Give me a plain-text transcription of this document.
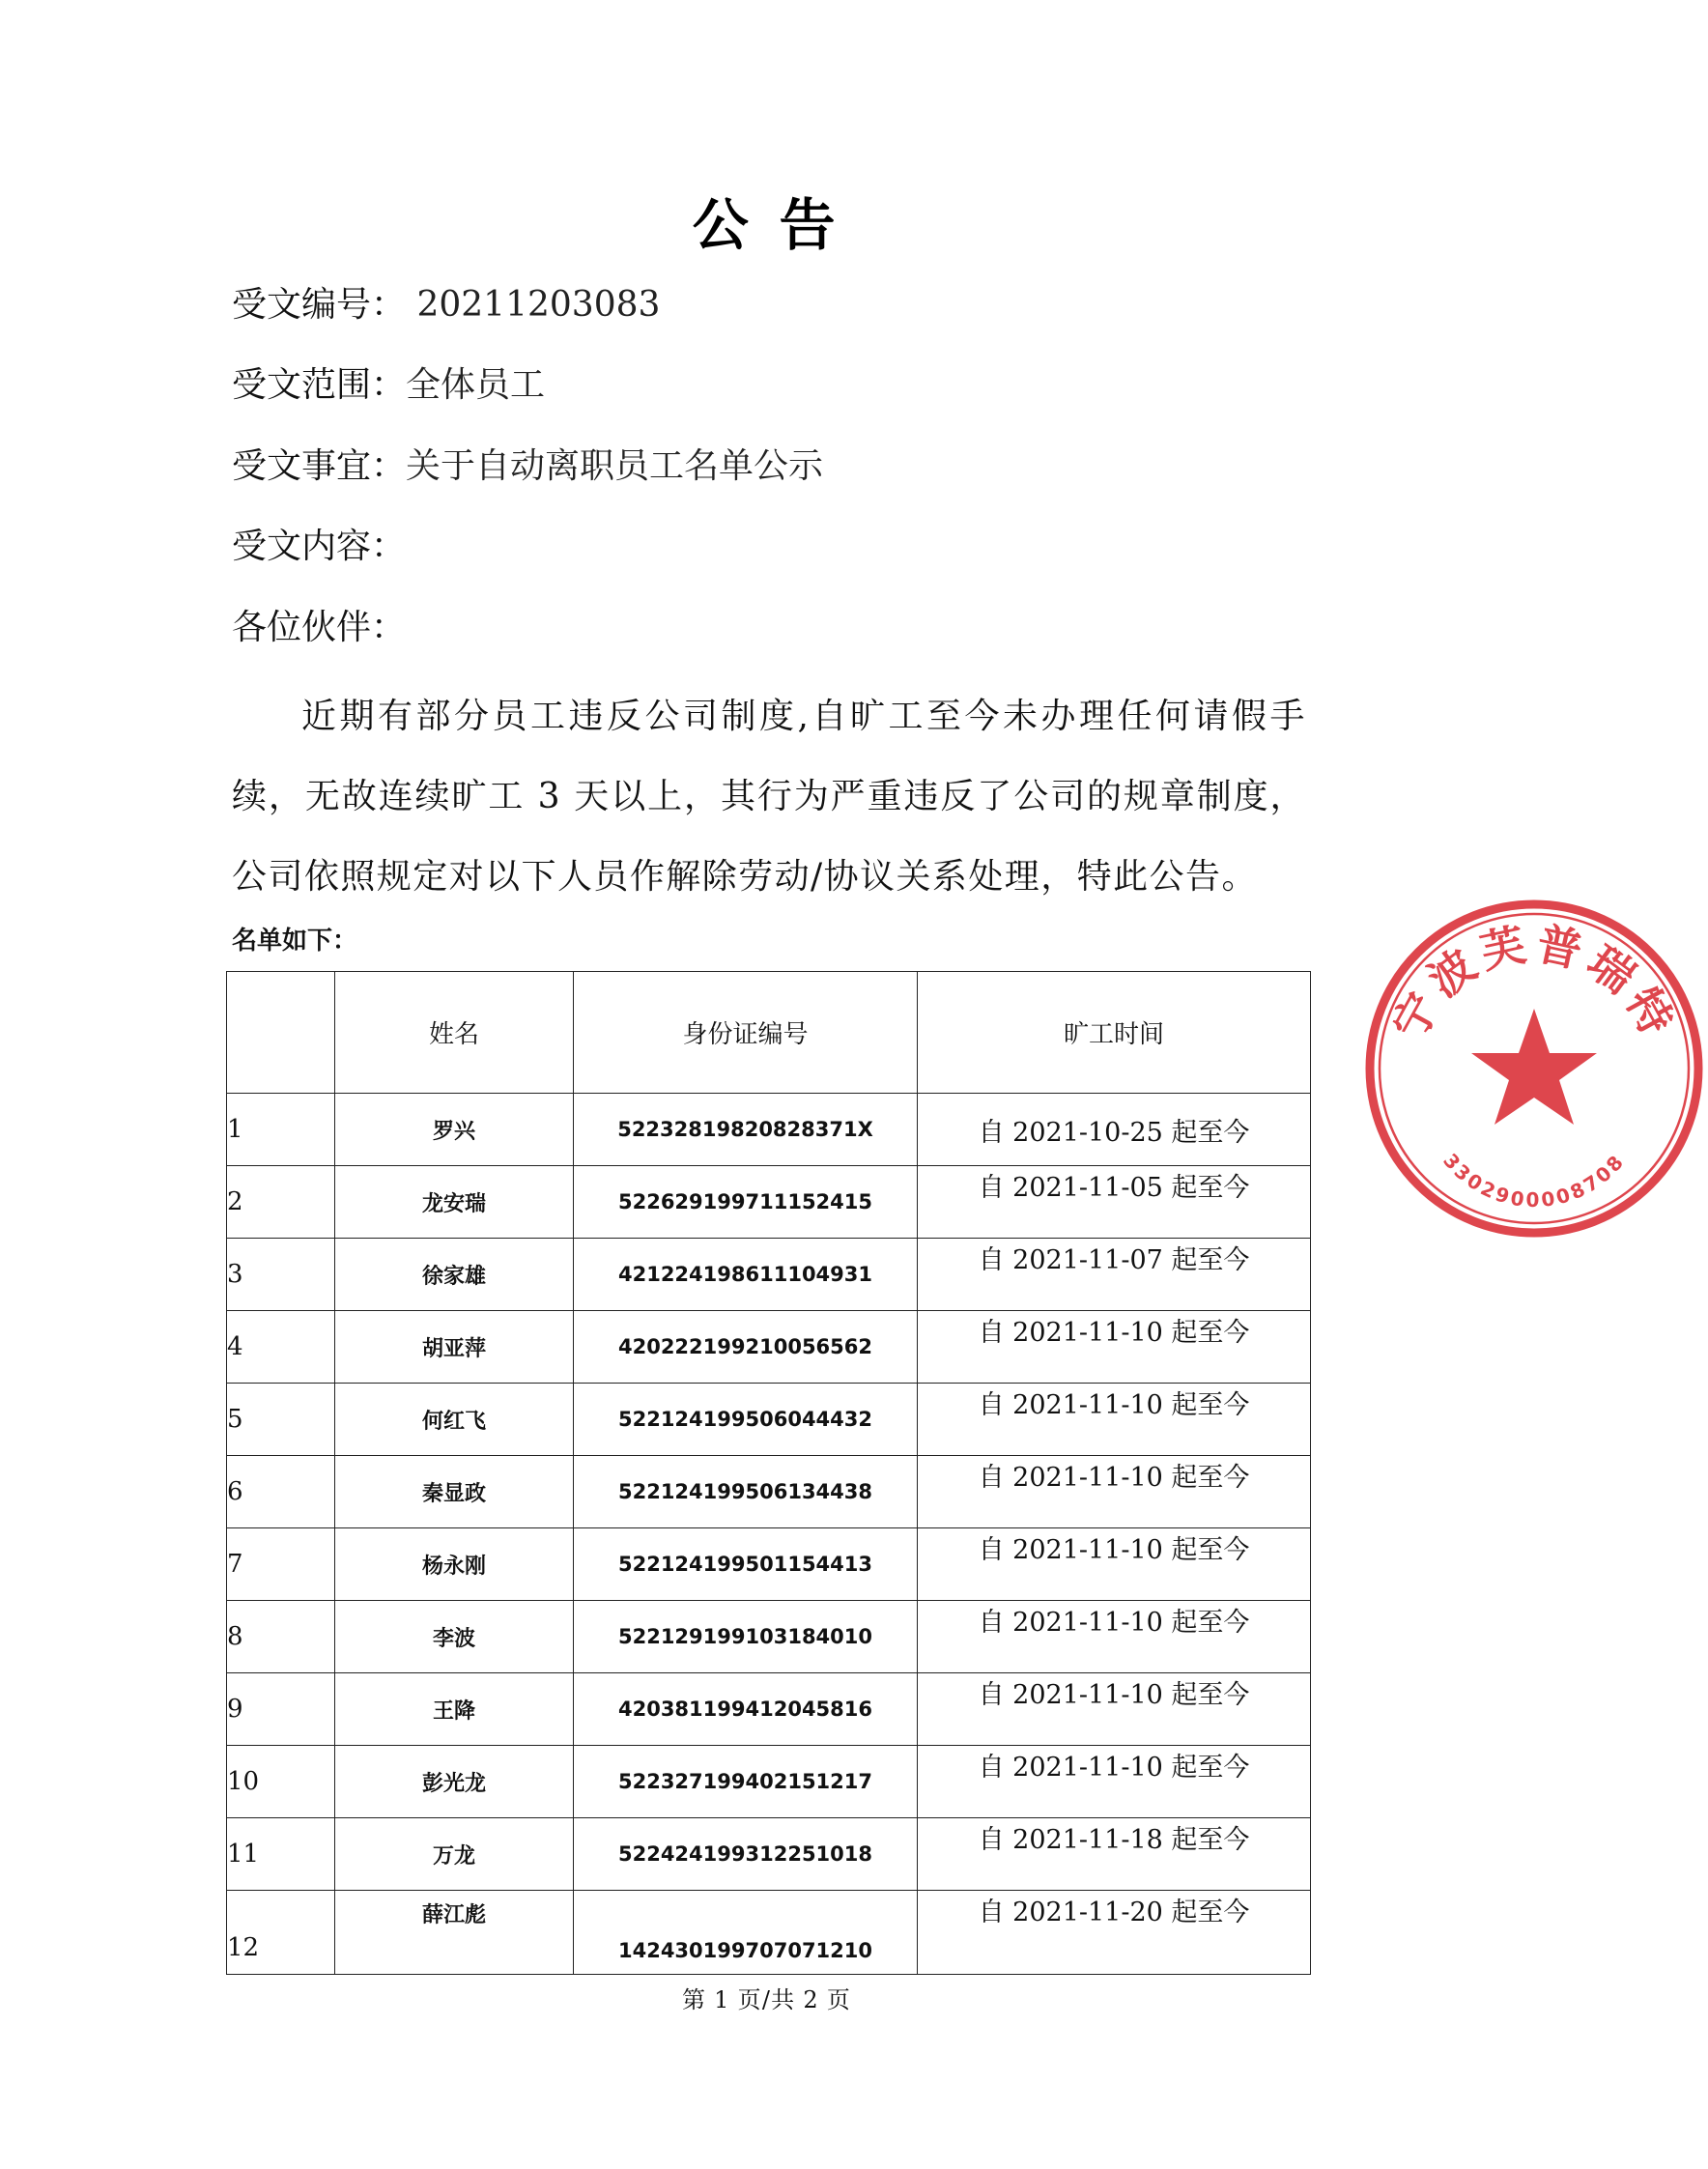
公 告
受文编号： 20211203083
受文范围：全体员工
受文事宜：关于自动离职员工名单公示
受文内容：
各位伙伴：
近期有部分员工违反公司制度,自旷工至今未办理任何请假手续，无故连续旷工 3 天以上，其行为严重违反了公司的规章制度，公司依照规定对以下人员作解除劳动/协议关系处理，特此公告。
名单如下：
	姓名	身份证编号	旷工时间
1	罗兴	52232819820828371X	自 2021-10-25 起至今
2	龙安瑞	522629199711152415	自 2021-11-05 起至今
3	徐家雄	421224198611104931	自 2021-11-07 起至今
4	胡亚萍	420222199210056562	自 2021-11-10 起至今
5	何红飞	522124199506044432	自 2021-11-10 起至今
6	秦显政	522124199506134438	自 2021-11-10 起至今
7	杨永刚	522124199501154413	自 2021-11-10 起至今
8	李波	522129199103184010	自 2021-11-10 起至今
9	王降	420381199412045816	自 2021-11-10 起至今
10	彭光龙	522327199402151217	自 2021-11-10 起至今
11	万龙	522424199312251018	自 2021-11-18 起至今
12	薛江彪	142430199707071210	自 2021-11-20 起至今
第 1 页/共 2 页
宁波芙普瑞特
3302900008708
